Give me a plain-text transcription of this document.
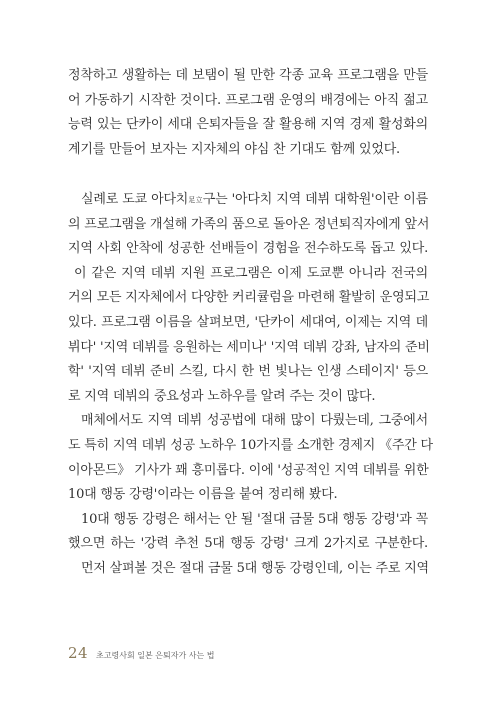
정착하고 생활하는 데 보탬이 될 만한 각종 교육 프로그램을 만들
어 가동하기 시작한 것이다. 프로그램 운영의 배경에는 아직 젊고
능력 있는 단카이 세대 은퇴자들을 잘 활용해 지역 경제 활성화의
계기를 만들어 보자는 지자체의 야심 찬 기대도 함께 있었다.
실례로 도쿄 아다치足立구는 '아다치 지역 데뷔 대학원'이란 이름
의 프로그램을 개설해 가족의 품으로 돌아온 정년퇴직자에게 앞서
지역 사회 안착에 성공한 선배들이 경험을 전수하도록 돕고 있다.
이 같은 지역 데뷔 지원 프로그램은 이제 도쿄뿐 아니라 전국의
거의 모든 지자체에서 다양한 커리큘럼을 마련해 활발히 운영되고
있다. 프로그램 이름을 살펴보면, '단카이 세대여, 이제는 지역 데
뷔다' '지역 데뷔를 응원하는 세미나' '지역 데뷔 강좌, 남자의 준비
학' '지역 데뷔 준비 스킬, 다시 한 번 빛나는 인생 스테이지' 등으
로 지역 데뷔의 중요성과 노하우를 알려 주는 것이 많다.
매체에서도 지역 데뷔 성공법에 대해 많이 다뤘는데, 그중에서
도 특히 지역 데뷔 성공 노하우 10가지를 소개한 경제지 《주간 다
이아몬드》 기사가 꽤 흥미롭다. 이에 '성공적인 지역 데뷔를 위한
10대 행동 강령'이라는 이름을 붙여 정리해 봤다.
10대 행동 강령은 해서는 안 될 '절대 금물 5대 행동 강령'과 꼭
했으면 하는 '강력 추천 5대 행동 강령' 크게 2가지로 구분한다.
먼저 살펴볼 것은 절대 금물 5대 행동 강령인데, 이는 주로 지역
24 초고령사회 일본 은퇴자가 사는 법
